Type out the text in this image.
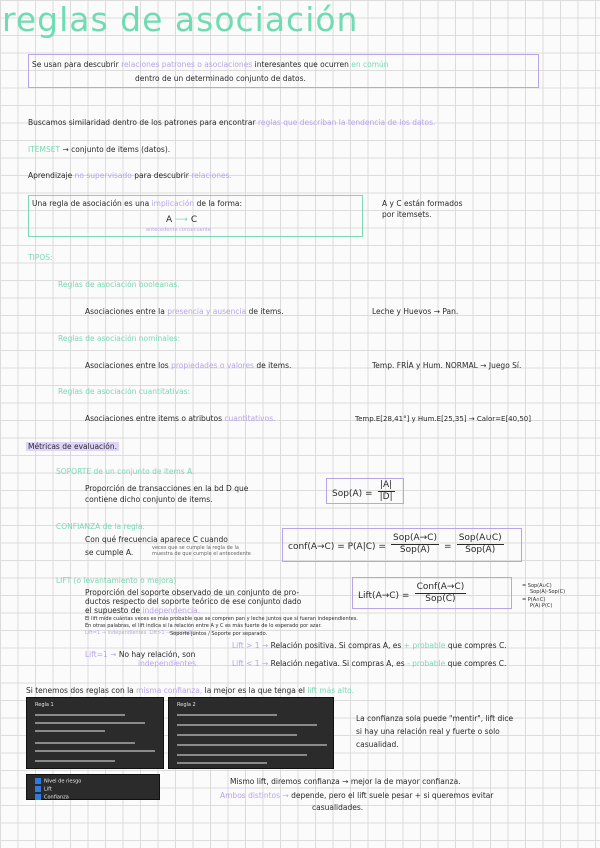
reglas de asociación
Se usan para descubrir relaciones patrones o asociaciones interesantes que ocurren en común
dentro de un determinado conjunto de datos.
Buscamos similaridad dentro de los patrones para encontrar reglas que describan la tendencia de los datos.
ITEMSET → conjunto de items (datos).
Aprendizaje no supervisado para descubrir relaciones.
Una regla de asociación es una implicación de la forma:
A ⟶ C
antecedente consecuente
A y C están formados
por itemsets.
TIPOS:
Reglas de asociación booleanas.
Asociaciones entre la presencia y ausencia de items.	Leche y Huevos → Pan.
Reglas de asociación nominales:
Asociaciones entre los propiedades o valores de items.	Temp. FRÍA y Hum. NORMAL → Juego Sí.
Reglas de asociación cuantitativas:
Asociaciones entre items o atributos cuantitativos.	Temp.E[28,41°] y Hum.E[25,35] → Calor=E[40,50]
Métricas de evaluación.
SOPORTE de un conjunto de items A.
Proporción de transacciones en la bd D que
contiene dicho conjunto de items.
$Sop(A) = \frac{|A|}{|D|}$
CONFIANZA de la regla.
Con qué frecuencia aparece C cuando
se cumple A.	veces que se cumple la regla de la
muestra de que cumple el antecedente
conf(A→C) = $P(A|C) = \frac{\text{Sop(A→C)}}{\text{Sop(A)}} = \frac{\text{Sop(A∪C)}}{\text{Sop(A)}}$
LIFT (o levantamiento o mejora)
Proporción del soporte observado de un conjunto de pro-
ductos respecto del soporte teórico de ese conjunto dado
el supuesto de independencia.
Lift(A→C) = $\frac{\text{Conf(A→C)}}{\text{Sop(C)}}$	= Sop(A∪C)
Sop(A)·Sop(C)
= P(A∩C)
P(A)·P(C)
El lift mide cuántas veces es más probable que se compren pan y leche juntos que si fueran independientes.
En otras palabras, el lift indica si la relación entre A y C es más fuerte de lo esperado por azar.
Lift=1 → independientes. Lift>1 → asociados.
Soporte juntos / Soporte por separado.
Lift=1 → No hay relación, son
independientes.
Lift > 1 → Relación positiva. Si compras A, es + probable que compres C.
Lift < 1 → Relación negativa. Si compras A, es - probable que compres C.
Si tenemos dos reglas con la misma confianza, la mejor es la que tenga el lift más alto.
Regla 1	Regla 2
Nivel de riesgo
Lift
Confianza
La confianza sola puede "mentir", lift dice
si hay una relación real y fuerte o solo
casualidad.
Mismo lift, diremos confianza → mejor la de mayor confianza.
Ambos distintos → depende, pero el lift suele pesar + si queremos evitar
casualidades.
